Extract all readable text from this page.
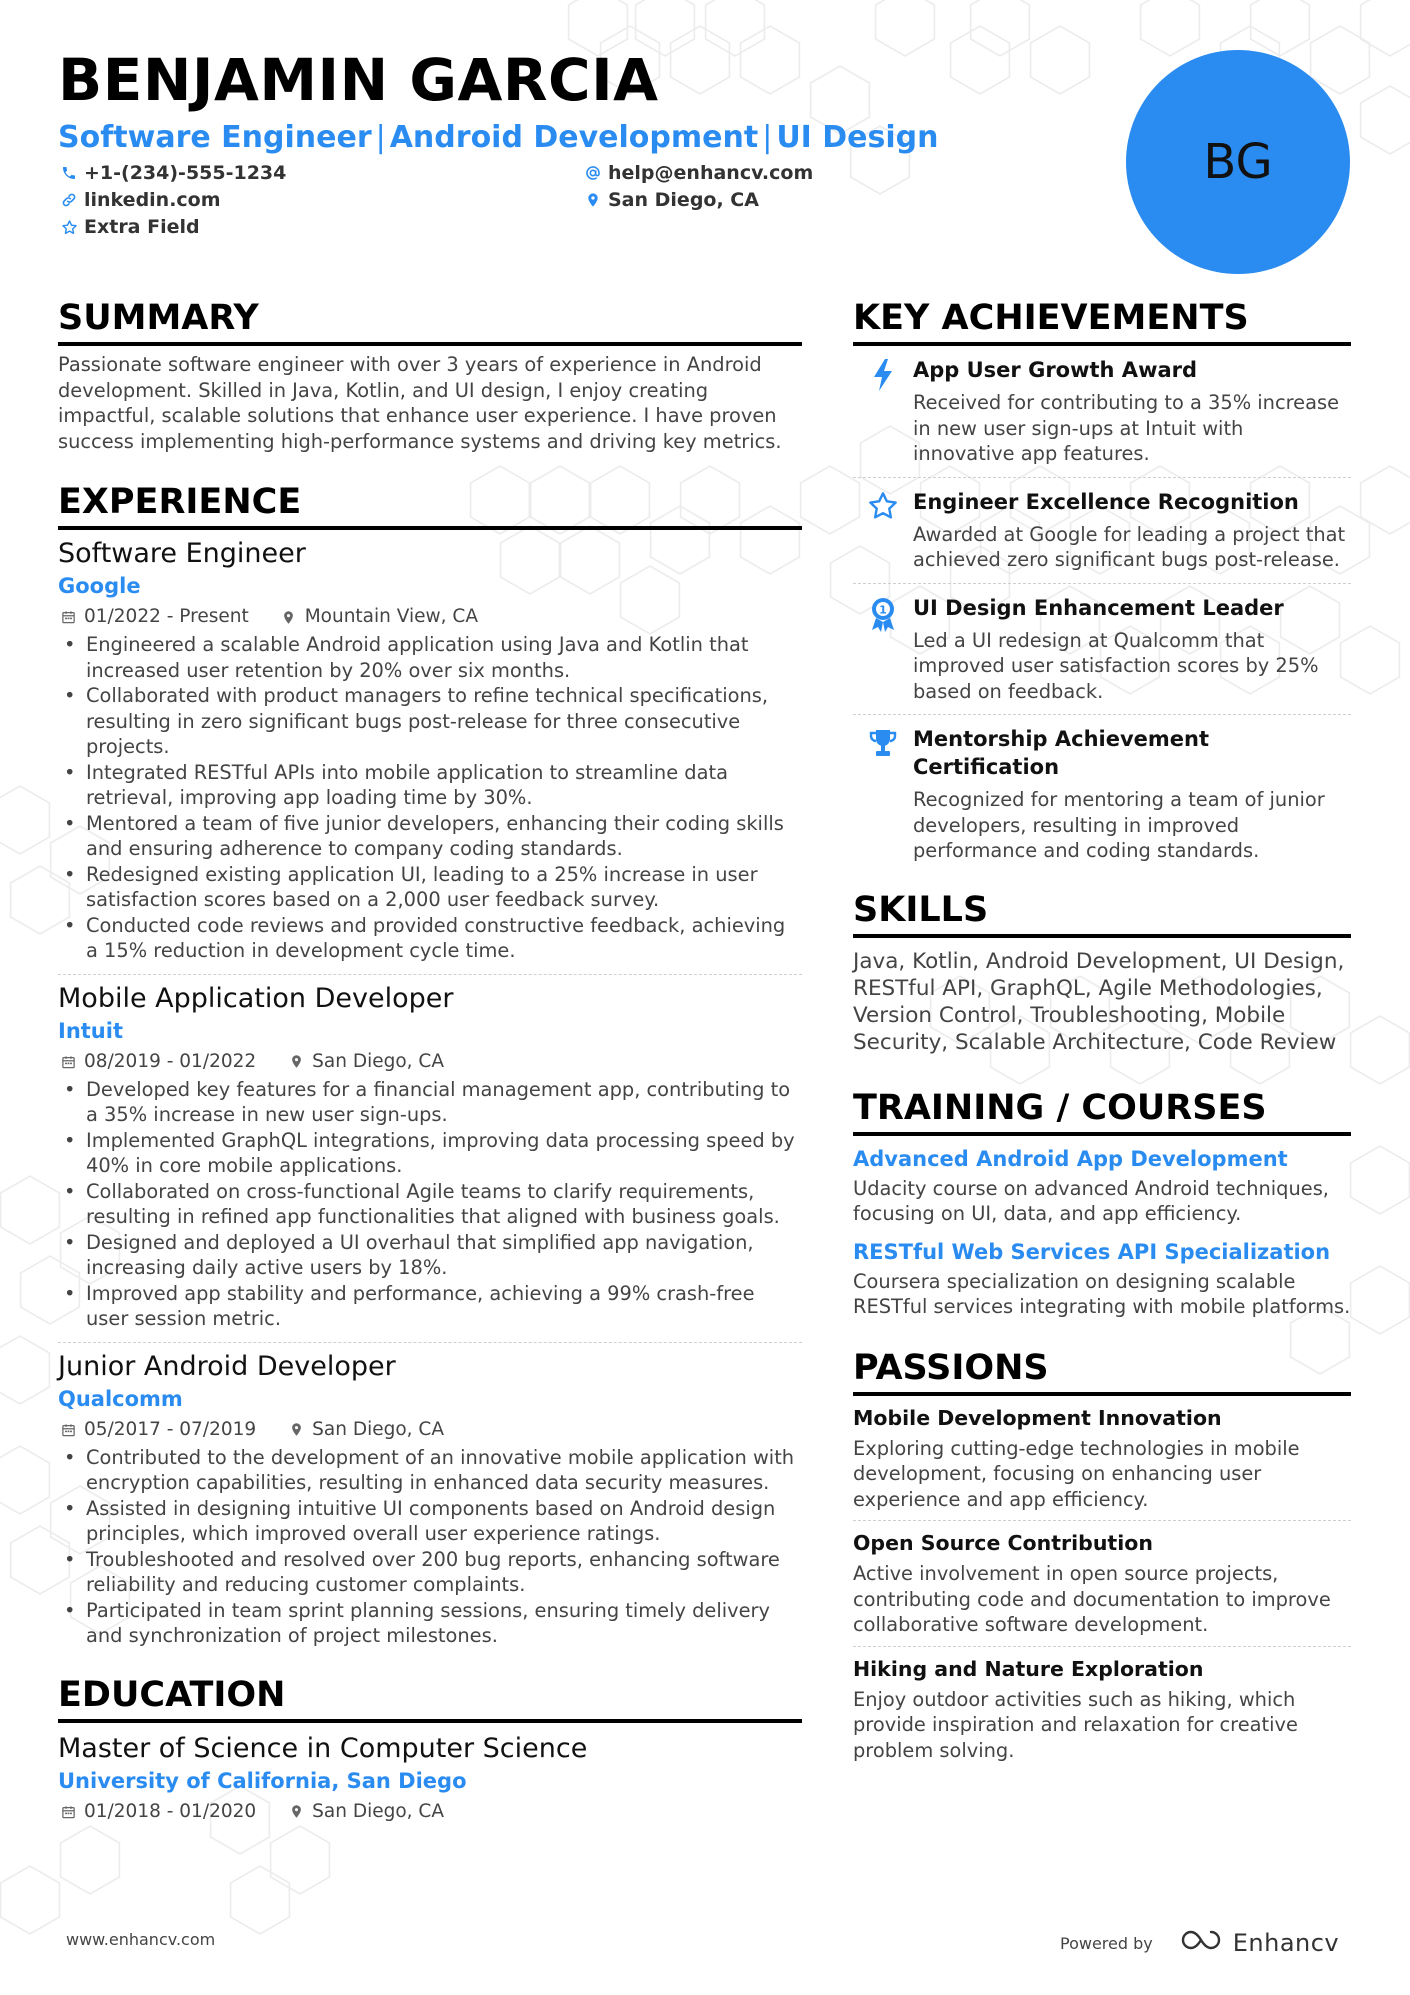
BENJAMIN GARCIA
Software Engineer | Android Development | UI Design
+1-(234)-555-1234	help@enhancv.com
linkedin.com	San Diego, CA
Extra Field
BG
SUMMARY
Passionate software engineer with over 3 years of experience in Android development. Skilled in Java, Kotlin, and UI design, I enjoy creating impactful, scalable solutions that enhance user experience. I have proven success implementing high-performance systems and driving key metrics.
EXPERIENCE
Software Engineer
Google
01/2022 - Present	Mountain View, CA
• Engineered a scalable Android application using Java and Kotlin that increased user retention by 20% over six months.
• Collaborated with product managers to refine technical specifications, resulting in zero significant bugs post-release for three consecutive projects.
• Integrated RESTful APIs into mobile application to streamline data retrieval, improving app loading time by 30%.
• Mentored a team of five junior developers, enhancing their coding skills and ensuring adherence to company coding standards.
• Redesigned existing application UI, leading to a 25% increase in user satisfaction scores based on a 2,000 user feedback survey.
• Conducted code reviews and provided constructive feedback, achieving a 15% reduction in development cycle time.
Mobile Application Developer
Intuit
08/2019 - 01/2022	San Diego, CA
• Developed key features for a financial management app, contributing to a 35% increase in new user sign-ups.
• Implemented GraphQL integrations, improving data processing speed by 40% in core mobile applications.
• Collaborated on cross-functional Agile teams to clarify requirements, resulting in refined app functionalities that aligned with business goals.
• Designed and deployed a UI overhaul that simplified app navigation, increasing daily active users by 18%.
• Improved app stability and performance, achieving a 99% crash-free user session metric.
Junior Android Developer
Qualcomm
05/2017 - 07/2019	San Diego, CA
• Contributed to the development of an innovative mobile application with encryption capabilities, resulting in enhanced data security measures.
• Assisted in designing intuitive UI components based on Android design principles, which improved overall user experience ratings.
• Troubleshooted and resolved over 200 bug reports, enhancing software reliability and reducing customer complaints.
• Participated in team sprint planning sessions, ensuring timely delivery and synchronization of project milestones.
EDUCATION
Master of Science in Computer Science
University of California, San Diego
01/2018 - 01/2020	San Diego, CA
KEY ACHIEVEMENTS
App User Growth Award
Received for contributing to a 35% increase in new user sign-ups at Intuit with innovative app features.
Engineer Excellence Recognition
Awarded at Google for leading a project that achieved zero significant bugs post-release.
1 UI Design Enhancement Leader
Led a UI redesign at Qualcomm that improved user satisfaction scores by 25% based on feedback.
Mentorship Achievement Certification
Recognized for mentoring a team of junior developers, resulting in improved performance and coding standards.
SKILLS
Java, Kotlin, Android Development, UI Design, RESTful API, GraphQL, Agile Methodologies, Version Control, Troubleshooting, Mobile Security, Scalable Architecture, Code Review
TRAINING / COURSES
Advanced Android App Development
Udacity course on advanced Android techniques, focusing on UI, data, and app efficiency.
RESTful Web Services API Specialization
Coursera specialization on designing scalable RESTful services integrating with mobile platforms.
PASSIONS
Mobile Development Innovation
Exploring cutting-edge technologies in mobile development, focusing on enhancing user experience and app efficiency.
Open Source Contribution
Active involvement in open source projects, contributing code and documentation to improve collaborative software development.
Hiking and Nature Exploration
Enjoy outdoor activities such as hiking, which provide inspiration and relaxation for creative problem solving.
www.enhancv.com	Powered by	Enhancv
